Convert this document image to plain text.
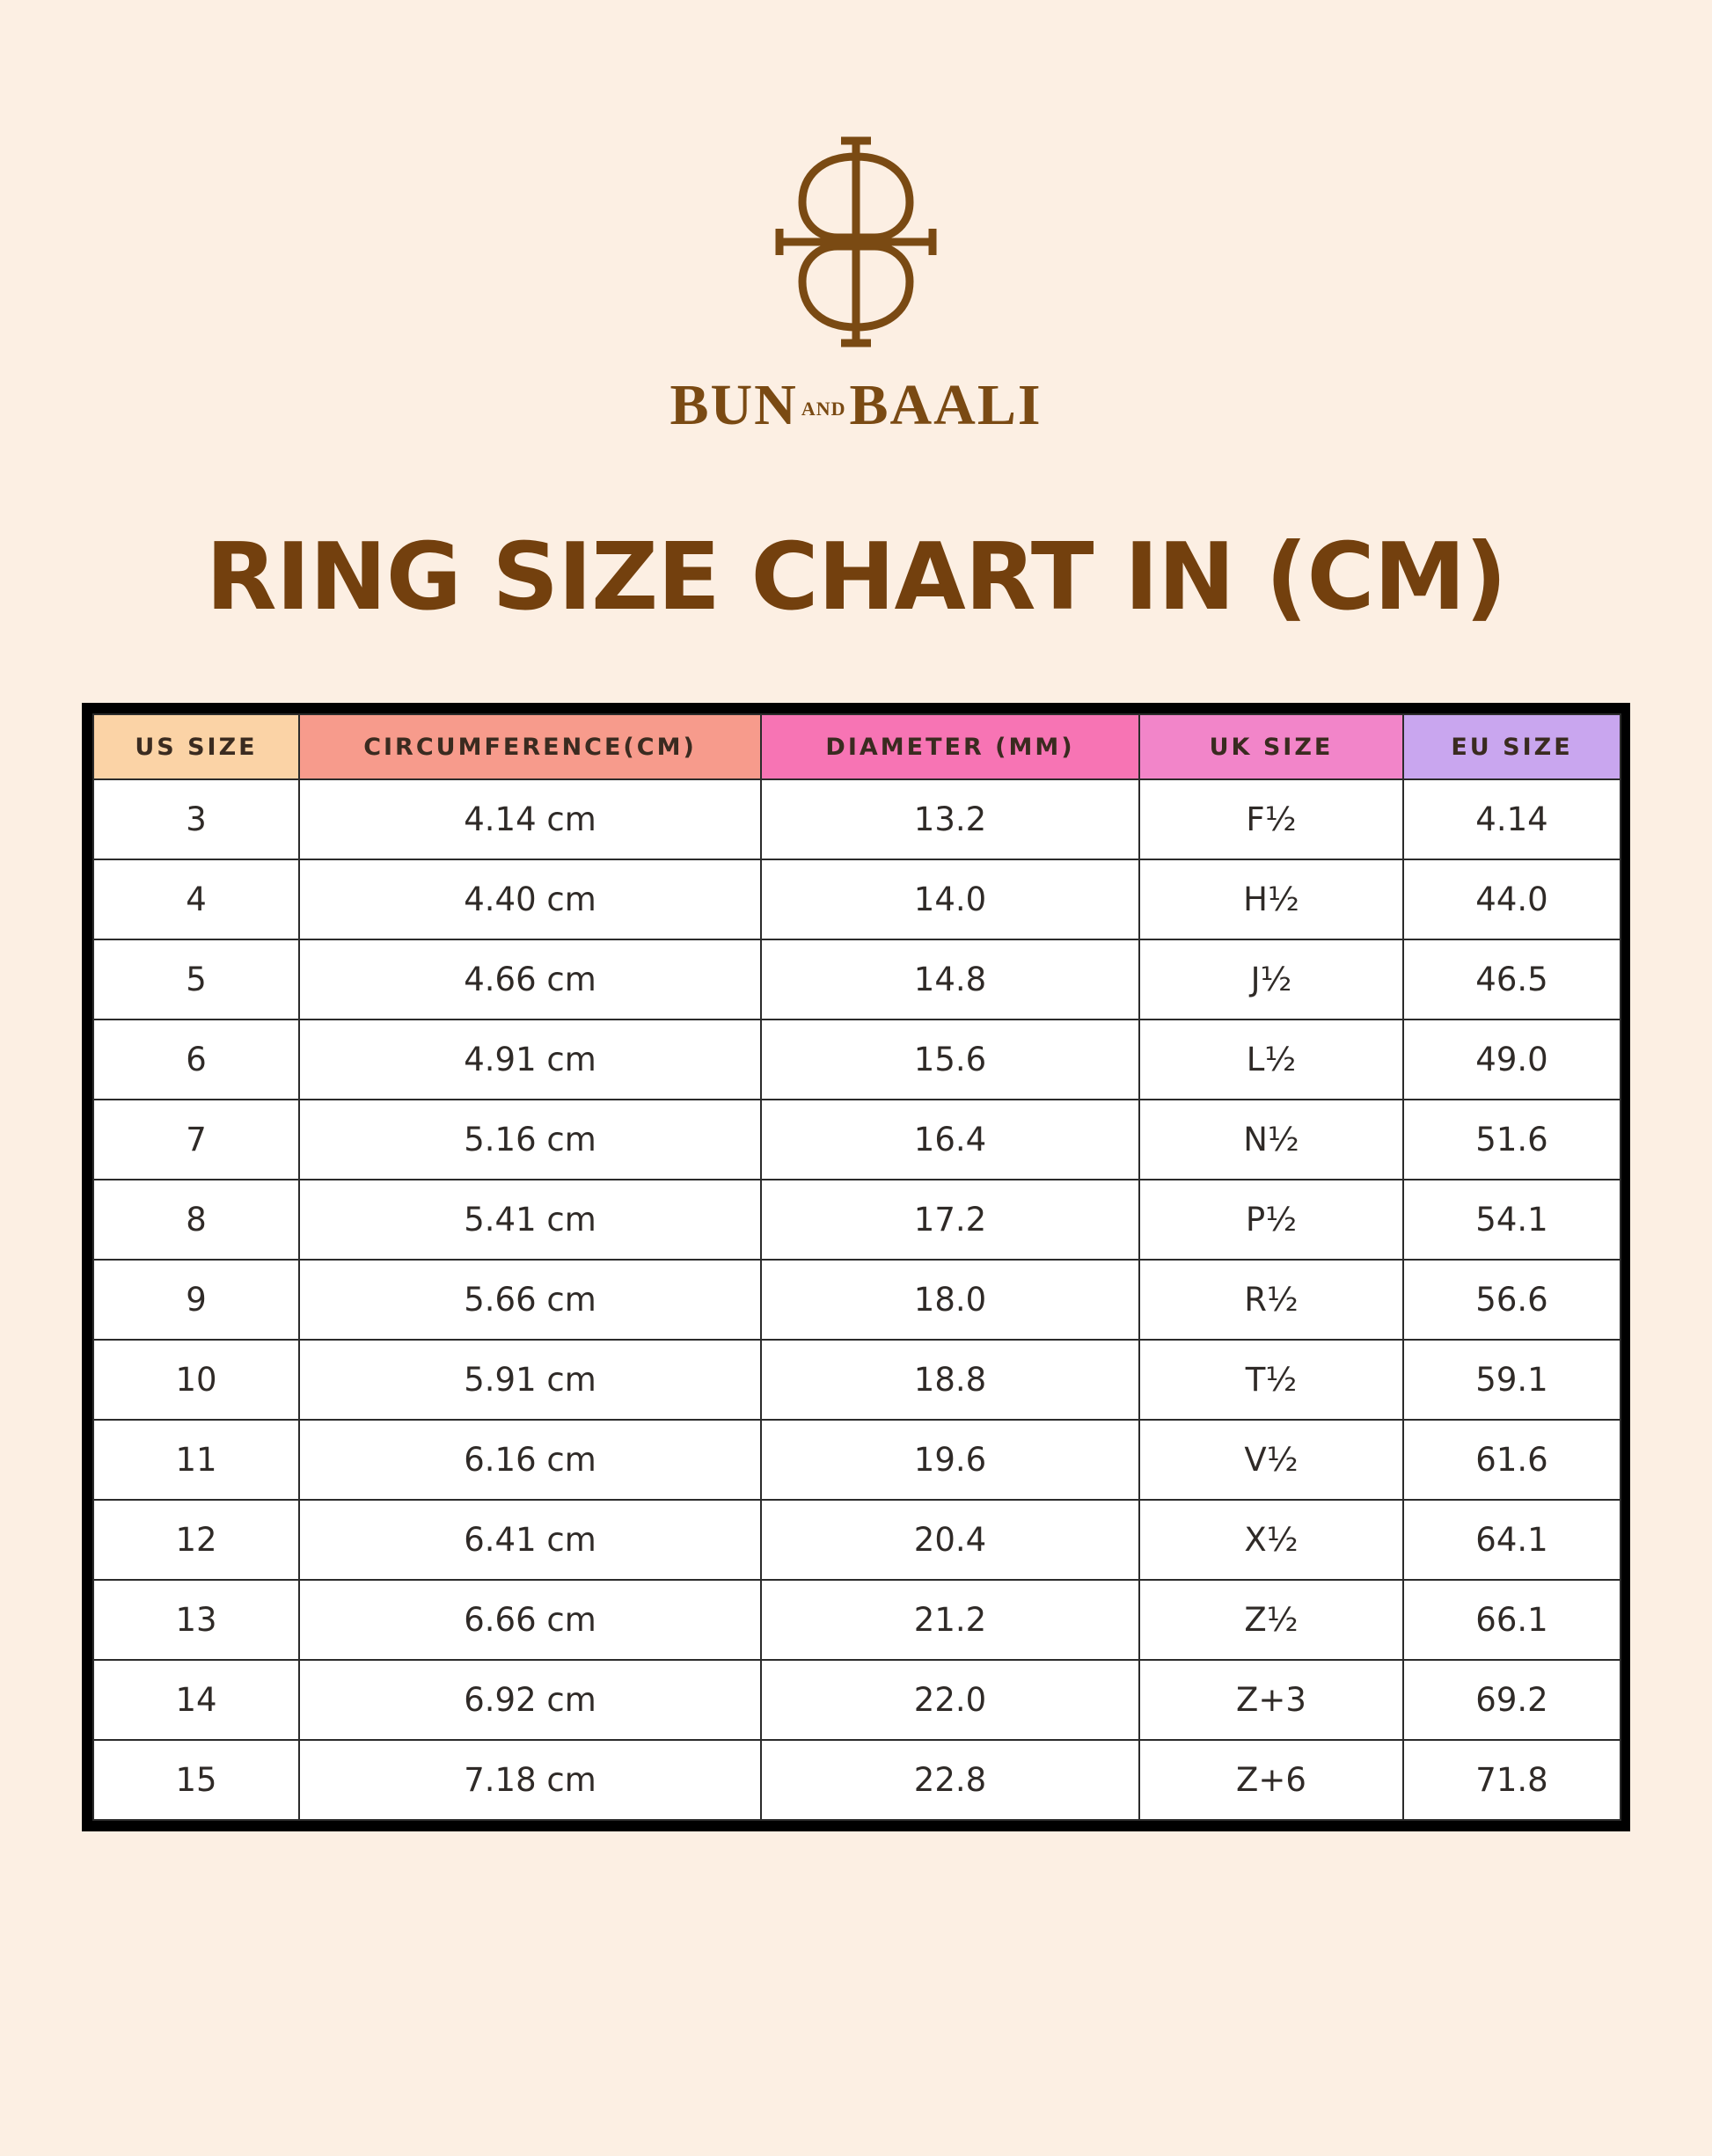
BUN AND BAALI
RING SIZE CHART IN (CM)
US SIZE	CIRCUMFERENCE(CM)	DIAMETER (MM)	UK SIZE	EU SIZE
3	4.14 cm	13.2	F½	4.14
4	4.40 cm	14.0	H½	44.0
5	4.66 cm	14.8	J½	46.5
6	4.91 cm	15.6	L½	49.0
7	5.16 cm	16.4	N½	51.6
8	5.41 cm	17.2	P½	54.1
9	5.66 cm	18.0	R½	56.6
10	5.91 cm	18.8	T½	59.1
11	6.16 cm	19.6	V½	61.6
12	6.41 cm	20.4	X½	64.1
13	6.66 cm	21.2	Z½	66.1
14	6.92 cm	22.0	Z+3	69.2
15	7.18 cm	22.8	Z+6	71.8
